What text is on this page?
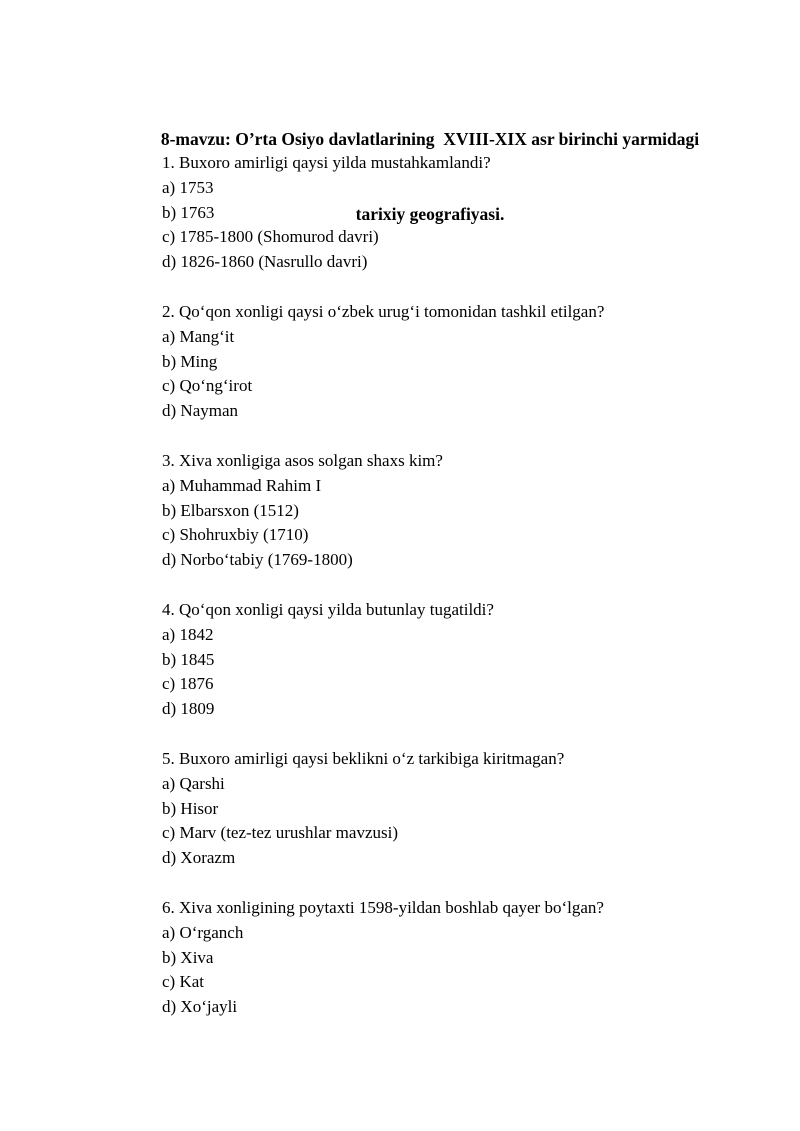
8-mavzu: O’rta Osiyo davlatlarining  XVIII-XIX asr birinchi yarmidagi

tarixiy geografiyasi.

1. Buxoro amirligi qaysi yilda mustahkamlandi?
a) 1753
b) 1763
c) 1785-1800 (Shomurod davri)
d) 1826-1860 (Nasrullo davri)
2. Qo‘qon xonligi qaysi o‘zbek urug‘i tomonidan tashkil etilgan?
a) Mang‘it
b) Ming
c) Qo‘ng‘irot
d) Nayman
3. Xiva xonligiga asos solgan shaxs kim?
a) Muhammad Rahim I
b) Elbarsxon (1512)
c) Shohruxbiy (1710)
d) Norbo‘tabiy (1769-1800)
4. Qo‘qon xonligi qaysi yilda butunlay tugatildi?
a) 1842
b) 1845
c) 1876
d) 1809
5. Buxoro amirligi qaysi beklikni o‘z tarkibiga kiritmagan?
a) Qarshi
b) Hisor
c) Marv (tez-tez urushlar mavzusi)
d) Xorazm
6. Xiva xonligining poytaxti 1598-yildan boshlab qayer bo‘lgan?
a) O‘rganch
b) Xiva
c) Kat
d) Xo‘jayli
